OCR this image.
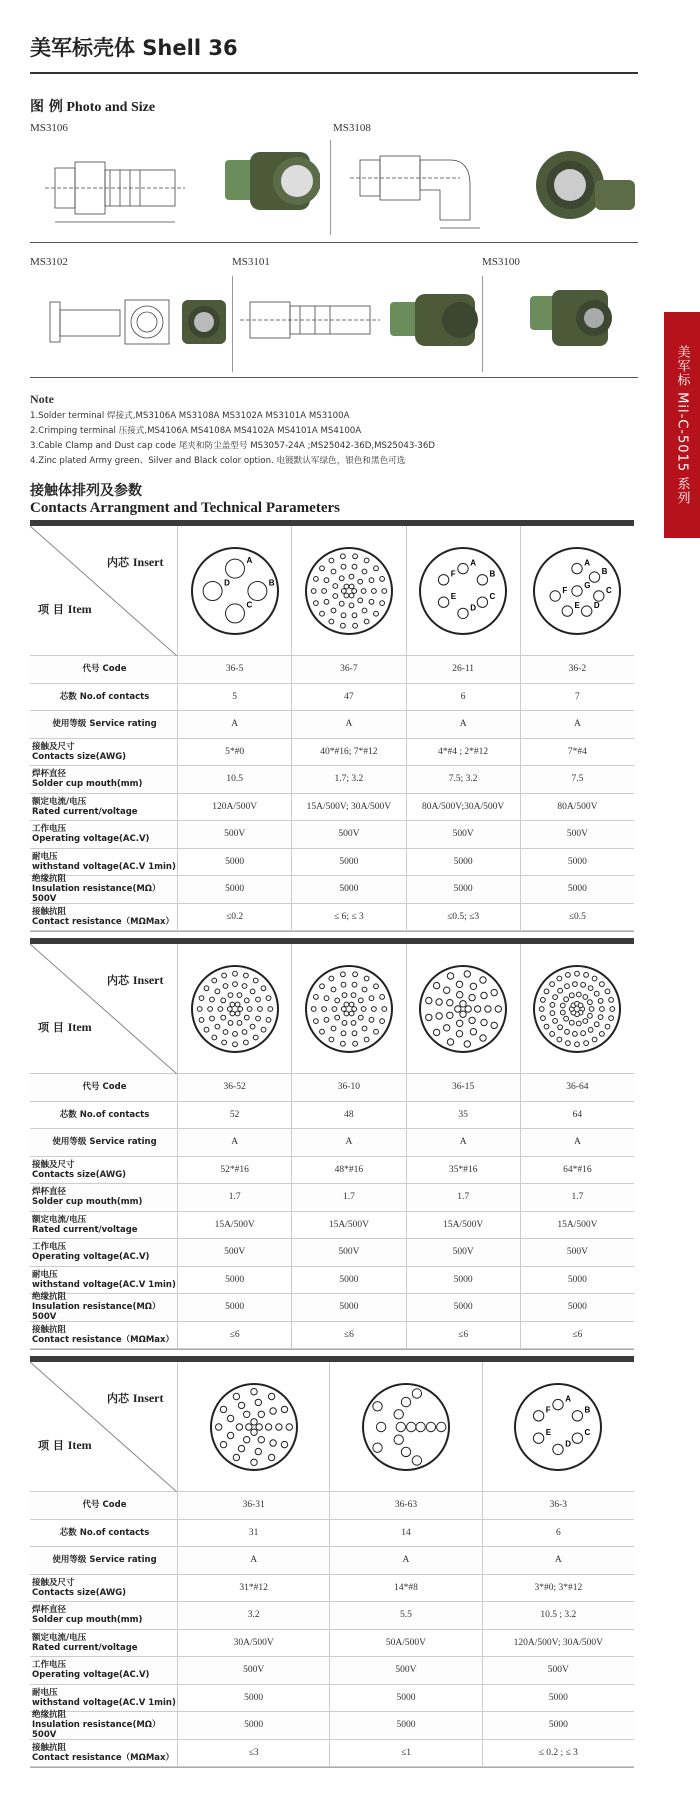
美军标壳体 Shell 36
图 例 Photo and Size
MS3106	MS3108
MS3102	MS3101	MS3100
美军标 Mil-C-5015 系列
Note
1.Solder terminal 焊接式,MS3106A MS3108A MS3102A MS3101A MS3100A
2.Crimping terminal 压接式,MS4106A MS4108A MS4102A MS4101A MS4100A
3.Cable Clamp and Dust cap code 尾夹和防尘盖型号 MS3057-24A ;MS25042-36D,MS25043-36D
4.Zinc plated Army green、Silver and Black color option. 电镀默认军绿色，银色和黑色可选
接触体排列及参数
Contacts Arrangment and Technical Parameters
内芯 Insert
项 目 Item
A
B
C
D
A
B
C
D
E
F
A
B
C
D
E
F
G
代号 Code	36-5	36-7	26-11	36-2
芯数 No.of contacts	5	47	6	7
使用等级 Service rating	A	A	A	A
接触及尺寸
Contacts size(AWG)	5*#0	40*#16; 7*#12	4*#4 ; 2*#12	7*#4
焊杯直径
Solder cup mouth(mm)	10.5	1.7; 3.2	7.5; 3.2	7.5
额定电流/电压
Rated current/voltage	120A/500V	15A/500V; 30A/500V	80A/500V;30A/500V	80A/500V
工作电压
Operating voltage(AC.V)	500V	500V	500V	500V
耐电压
withstand voltage(AC.V 1min)	5000	5000	5000	5000
绝缘抗阻
Insulation resistance(MΩ）500V
5000	5000	5000	5000
接触抗阻
Contact resistance（MΩMax）	≤0.2	≤ 6; ≤ 3	≤0.5; ≤3	≤0.5
内芯 Insert
项 目 Item
代号 Code	36-52	36-10	36-15	36-64
芯数 No.of contacts	52	48	35	64
使用等级 Service rating	A	A	A	A
接触及尺寸
Contacts size(AWG)	52*#16	48*#16	35*#16	64*#16
焊杯直径
Solder cup mouth(mm)	1.7	1.7	1.7	1.7
额定电流/电压
Rated current/voltage	15A/500V	15A/500V	15A/500V	15A/500V
工作电压
Operating voltage(AC.V)	500V	500V	500V	500V
耐电压
withstand voltage(AC.V 1min)	5000	5000	5000	5000
绝缘抗阻
Insulation resistance(MΩ）500V
5000	5000	5000	5000
接触抗阻
Contact resistance（MΩMax）	≤6	≤6	≤6	≤6
内芯 Insert
项 目 Item
A
B
C
D
E
F
代号 Code	36-31	36-63	36-3
芯数 No.of contacts	31	14	6
使用等级 Service rating	A	A	A
接触及尺寸
Contacts size(AWG)	31*#12	14*#8	3*#0; 3*#12
焊杯直径
Solder cup mouth(mm)	3.2	5.5	10.5 ; 3.2
额定电流/电压
Rated current/voltage	30A/500V	50A/500V	120A/500V; 30A/500V
工作电压
Operating voltage(AC.V)	500V	500V	500V
耐电压
withstand voltage(AC.V 1min)	5000	5000	5000
绝缘抗阻
Insulation resistance(MΩ）500V
5000	5000	5000
接触抗阻
Contact resistance（MΩMax）	≤3	≤1	≤ 0.2 ; ≤ 3
